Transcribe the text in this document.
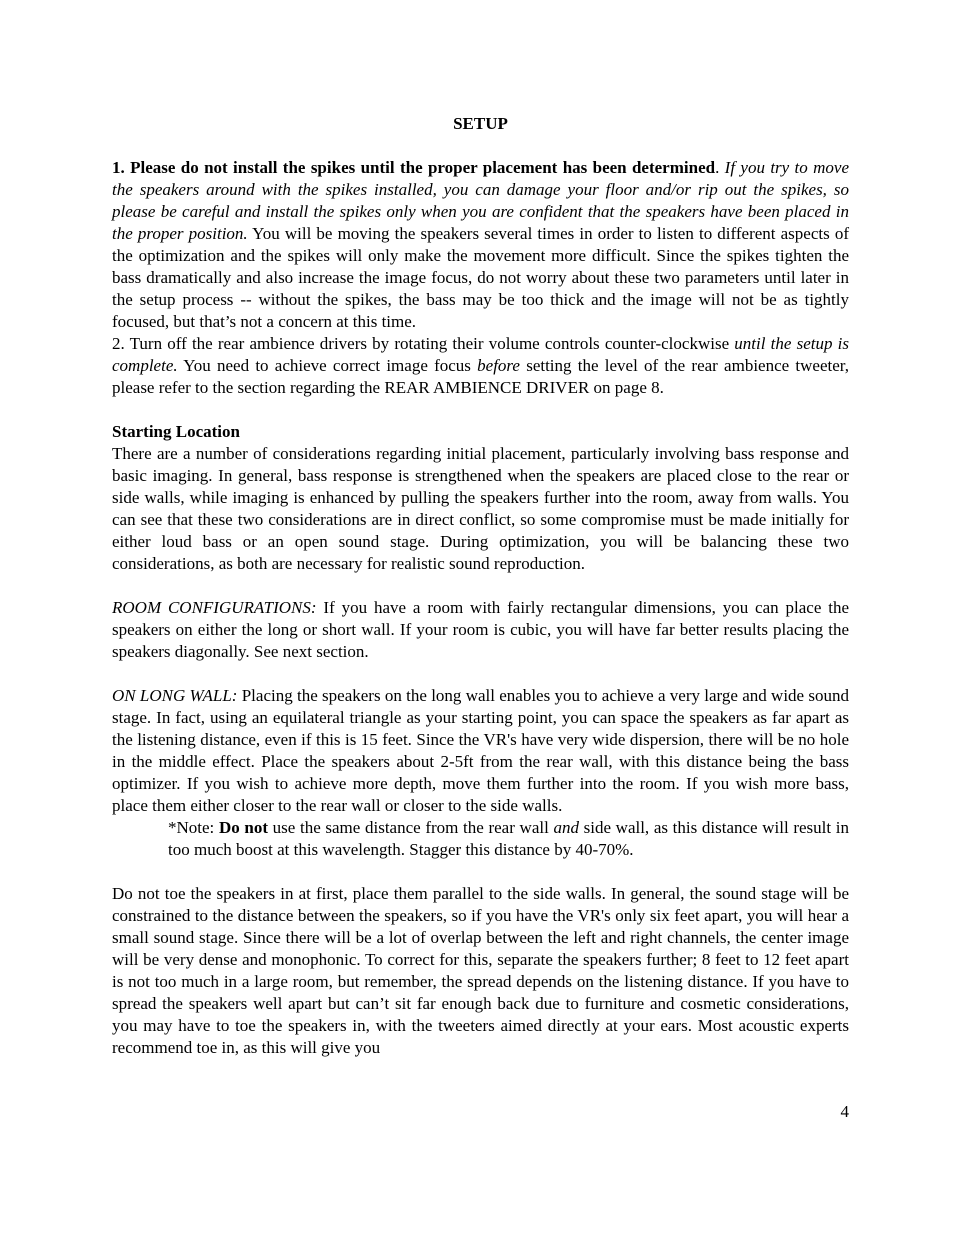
SETUP

1. Please do not install the spikes until the proper placement has been determined. If you try to move the speakers around with the spikes installed, you can damage your floor and/or rip out the spikes, so please be careful and install the spikes only when you are confident that the speakers have been placed in the proper position. You will be moving the speakers several times in order to listen to different aspects of the optimization and the spikes will only make the movement more difficult. Since the spikes tighten the bass dramatically and also increase the image focus, do not worry about these two parameters until later in the setup process -- without the spikes, the bass may be too thick and the image will not be as tightly focused, but that’s not a concern at this time.

2. Turn off the rear ambience drivers by rotating their volume controls counter-clockwise until the setup is complete. You need to achieve correct image focus before setting the level of the rear ambience tweeter, please refer to the section regarding the REAR AMBIENCE DRIVER on page 8.

Starting Location

There are a number of considerations regarding initial placement, particularly involving bass response and basic imaging. In general, bass response is strengthened when the speakers are placed close to the rear or side walls, while imaging is enhanced by pulling the speakers further into the room, away from walls. You can see that these two considerations are in direct conflict, so some compromise must be made initially for either loud bass or an open sound stage. During optimization, you will be balancing these two considerations, as both are necessary for realistic sound reproduction.

ROOM CONFIGURATIONS: If you have a room with fairly rectangular dimensions, you can place the speakers on either the long or short wall. If your room is cubic, you will have far better results placing the speakers diagonally. See next section.

ON LONG WALL: Placing the speakers on the long wall enables you to achieve a very large and wide sound stage. In fact, using an equilateral triangle as your starting point, you can space the speakers as far apart as the listening distance, even if this is 15 feet. Since the VR's have very wide dispersion, there will be no hole in the middle effect. Place the speakers about 2-5ft from the rear wall, with this distance being the bass optimizer. If you wish to achieve more depth, move them further into the room. If you wish more bass, place them either closer to the rear wall or closer to the side walls.

*Note: Do not use the same distance from the rear wall and side wall, as this distance will result in too much boost at this wavelength. Stagger this distance by 40-70%.

Do not toe the speakers in at first, place them parallel to the side walls. In general, the sound stage will be constrained to the distance between the speakers, so if you have the VR's only six feet apart, you will hear a small sound stage. Since there will be a lot of overlap between the left and right channels, the center image will be very dense and monophonic. To correct for this, separate the speakers further; 8 feet to 12 feet apart is not too much in a large room, but remember, the spread depends on the listening distance. If you have to spread the speakers well apart but can’t sit far enough back due to furniture and cosmetic considerations, you may have to toe the speakers in, with the tweeters aimed directly at your ears. Most acoustic experts recommend toe in, as this will give you

4
